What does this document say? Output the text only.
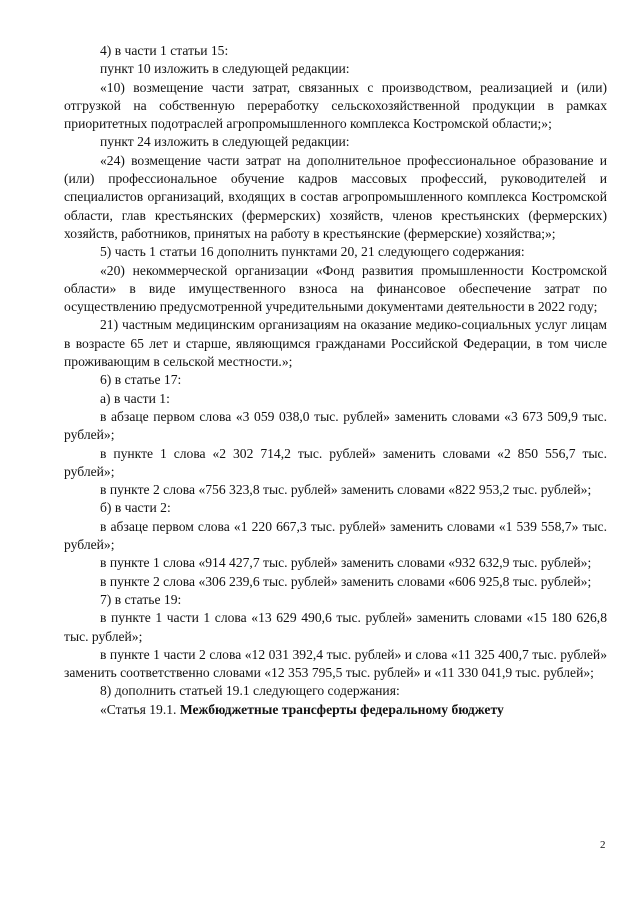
4) в части 1 статьи 15:

пункт 10 изложить в следующей редакции:

«10) возмещение части затрат, связанных с производством, реализацией и (или) отгрузкой на собственную переработку сельскохозяйственной продукции в рамках приоритетных подотраслей агропромышленного комплекса Костромской области;»;

пункт 24 изложить в следующей редакции:

«24) возмещение части затрат на дополнительное профессиональное образование и (или) профессиональное обучение кадров массовых профессий, руководителей и специалистов организаций, входящих в состав агропромышленного комплекса Костромской области, глав крестьянских (фермерских) хозяйств, членов крестьянских (фермерских) хозяйств, работников, принятых на работу в крестьянские (фермерские) хозяйства;»;

5) часть 1 статьи 16 дополнить пунктами 20, 21 следующего содержания:

«20) некоммерческой организации «Фонд развития промышленности Костромской области» в виде имущественного взноса на финансовое обеспечение затрат по осуществлению предусмотренной учредительными документами деятельности в 2022 году;

21) частным медицинским организациям на оказание медико-социальных услуг лицам в возрасте 65 лет и старше, являющимся гражданами Российской Федерации, в том числе проживающим в сельской местности.»;

6) в статье 17:

а) в части 1:

в абзаце первом слова «3 059 038,0 тыс. рублей» заменить словами «3 673 509,9 тыс. рублей»;

в пункте 1 слова «2 302 714,2 тыс. рублей» заменить словами «2 850 556,7 тыс. рублей»;

в пункте 2 слова «756 323,8 тыс. рублей» заменить словами «822 953,2 тыс. рублей»;

б) в части 2:

в абзаце первом слова «1 220 667,3 тыс. рублей» заменить словами «1 539 558,7» тыс. рублей»;

в пункте 1 слова «914 427,7 тыс. рублей» заменить словами «932 632,9 тыс. рублей»;

в пункте 2 слова «306 239,6 тыс. рублей» заменить словами «606 925,8 тыс. рублей»;

7) в статье 19:

в пункте 1 части 1 слова «13 629 490,6 тыс. рублей» заменить словами «15 180 626,8 тыс. рублей»;

в пункте 1 части 2 слова «12 031 392,4 тыс. рублей» и слова «11 325 400,7 тыс. рублей» заменить соответственно словами «12 353 795,5 тыс. рублей» и «11 330 041,9 тыс. рублей»;

8) дополнить статьей 19.1 следующего содержания:

«Статья 19.1. Межбюджетные трансферты федеральному бюджету

2
